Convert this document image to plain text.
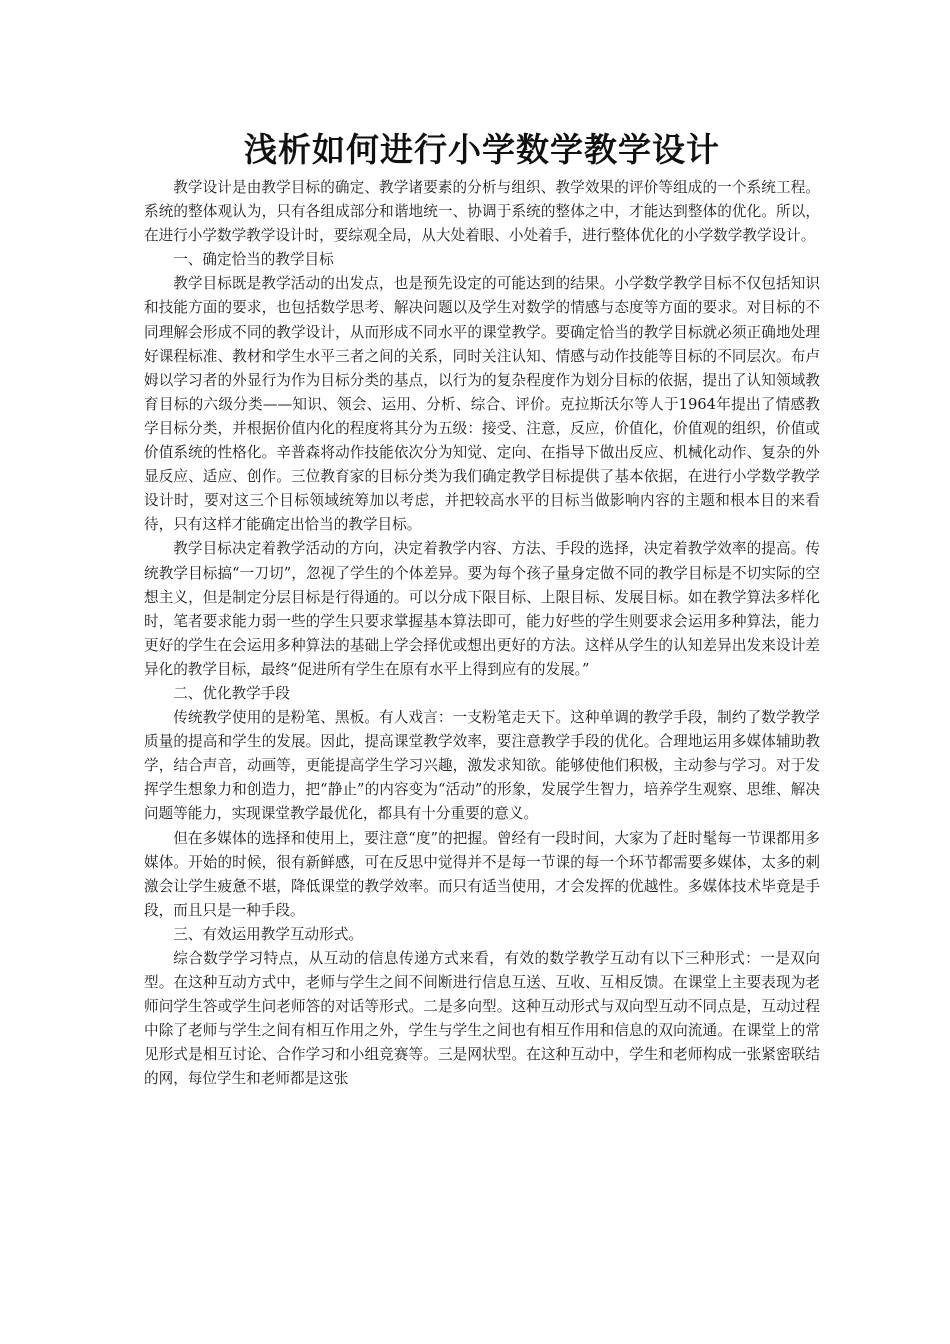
浅析如何进行小学数学教学设计

教学设计是由教学目标的确定、教学诸要素的分析与组织、教学效果的评价等组成的一个系统工程。系统的整体观认为，只有各组成部分和谐地统一、协调于系统的整体之中，才能达到整体的优化。所以，在进行小学数学教学设计时，要综观全局，从大处着眼、小处着手，进行整体优化的小学数学教学设计。

一、确定恰当的教学目标

教学目标既是教学活动的出发点，也是预先设定的可能达到的结果。小学数学教学目标不仅包括知识和技能方面的要求，也包括数学思考、解决问题以及学生对数学的情感与态度等方面的要求。对目标的不同理解会形成不同的教学设计，从而形成不同水平的课堂教学。要确定恰当的教学目标就必须正确地处理好课程标准、教材和学生水平三者之间的关系，同时关注认知、情感与动作技能等目标的不同层次。布卢姆以学习者的外显行为作为目标分类的基点，以行为的复杂程度作为划分目标的依据，提出了认知领域教育目标的六级分类——知识、领会、运用、分析、综合、评价。克拉斯沃尔等人于1964年提出了情感教学目标分类，并根据价值内化的程度将其分为五级：接受、注意，反应，价值化，价值观的组织，价值或价值系统的性格化。辛普森将动作技能依次分为知觉、定向、在指导下做出反应、机械化动作、复杂的外显反应、适应、创作。三位教育家的目标分类为我们确定教学目标提供了基本依据，在进行小学数学教学设计时，要对这三个目标领域统筹加以考虑，并把较高水平的目标当做影响内容的主题和根本目的来看待，只有这样才能确定出恰当的教学目标。

教学目标决定着教学活动的方向，决定着教学内容、方法、手段的选择，决定着教学效率的提高。传统教学目标搞“一刀切”，忽视了学生的个体差异。要为每个孩子量身定做不同的教学目标是不切实际的空想主义，但是制定分层目标是行得通的。可以分成下限目标、上限目标、发展目标。如在教学算法多样化时，笔者要求能力弱一些的学生只要求掌握基本算法即可，能力好些的学生则要求会运用多种算法，能力更好的学生在会运用多种算法的基础上学会择优或想出更好的方法。这样从学生的认知差异出发来设计差异化的教学目标，最终“促进所有学生在原有水平上得到应有的发展。”

二、优化教学手段

传统教学使用的是粉笔、黑板。有人戏言：一支粉笔走天下。这种单调的教学手段，制约了数学教学质量的提高和学生的发展。因此，提高课堂教学效率，要注意教学手段的优化。合理地运用多媒体辅助教学，结合声音，动画等，更能提高学生学习兴趣，激发求知欲。能够使他们积极，主动参与学习。对于发挥学生想象力和创造力，把“静止”的内容变为“活动”的形象，发展学生智力，培养学生观察、思维、解决问题等能力，实现课堂教学最优化，都具有十分重要的意义。

但在多媒体的选择和使用上，要注意“度”的把握。曾经有一段时间，大家为了赶时髦每一节课都用多媒体。开始的时候，很有新鲜感，可在反思中觉得并不是每一节课的每一个环节都需要多媒体，太多的刺激会让学生疲惫不堪，降低课堂的教学效率。而只有适当使用，才会发挥的优越性。多媒体技术毕竟是手段，而且只是一种手段。

三、有效运用教学互动形式。

综合数学学习特点，从互动的信息传递方式来看，有效的数学教学互动有以下三种形式：一是双向型。在这种互动方式中，老师与学生之间不间断进行信息互送、互收、互相反馈。在课堂上主要表现为老师问学生答或学生问老师答的对话等形式。二是多向型。这种互动形式与双向型互动不同点是，互动过程中除了老师与学生之间有相互作用之外，学生与学生之间也有相互作用和信息的双向流通。在课堂上的常见形式是相互讨论、合作学习和小组竞赛等。三是网状型。在这种互动中，学生和老师构成一张紧密联结的网，每位学生和老师都是这张
